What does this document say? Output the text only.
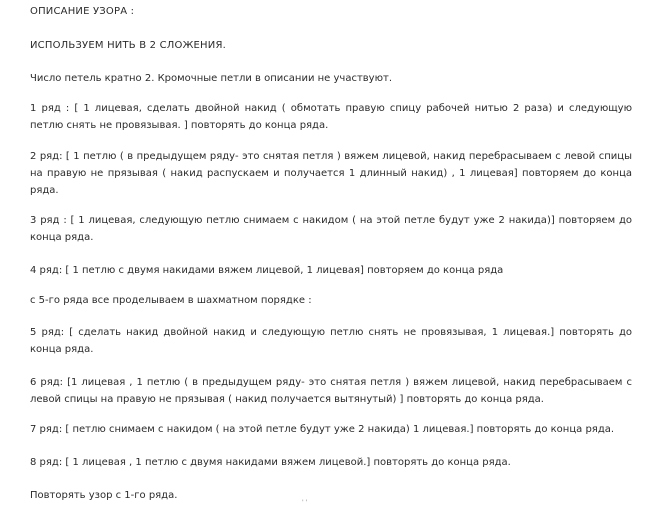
ОПИСАНИЕ УЗОРА :

ИСПОЛЬЗУЕМ НИТЬ В 2 СЛОЖЕНИЯ.

Число петель кратно 2. Кромочные петли в описании не участвуют.

1 ряд : [ 1 лицевая, сделать двойной накид ( обмотать правую спицу рабочей нитью 2 раза) и следующую петлю снять не провязывая. ] повторять до конца ряда.

2 ряд: [ 1 петлю ( в предыдущем ряду- это снятая петля ) вяжем лицевой, накид перебрасываем с левой спицы на правую не прязывая ( накид распускаем и получается 1 длинный накид) , 1 лицевая] повторяем до конца ряда.

3 ряд : [ 1 лицевая, следующую петлю снимаем с накидом ( на этой петле будут уже 2 накида)] повторяем до конца ряда.

4 ряд: [ 1 петлю с двумя накидами вяжем лицевой, 1 лицевая] повторяем до конца ряда

с 5-го ряда все проделываем в шахматном порядке :

5 ряд: [ сделать накид двойной накид и следующую петлю снять не провязывая, 1 лицевая.] повторять до конца ряда.

6 ряд: [1 лицевая , 1 петлю ( в предыдущем ряду- это снятая петля ) вяжем лицевой, накид перебрасываем с левой спицы на правую не прязывая ( накид получается вытянутый) ] повторять до конца ряда.

7 ряд: [ петлю снимаем с накидом ( на этой петле будут уже 2 накида) 1 лицевая.] повторять до конца ряда.

8 ряд: [ 1 лицевая , 1 петлю с двумя накидами вяжем лицевой.] повторять до конца ряда.

Повторять узор с 1-го ряда.

' '
